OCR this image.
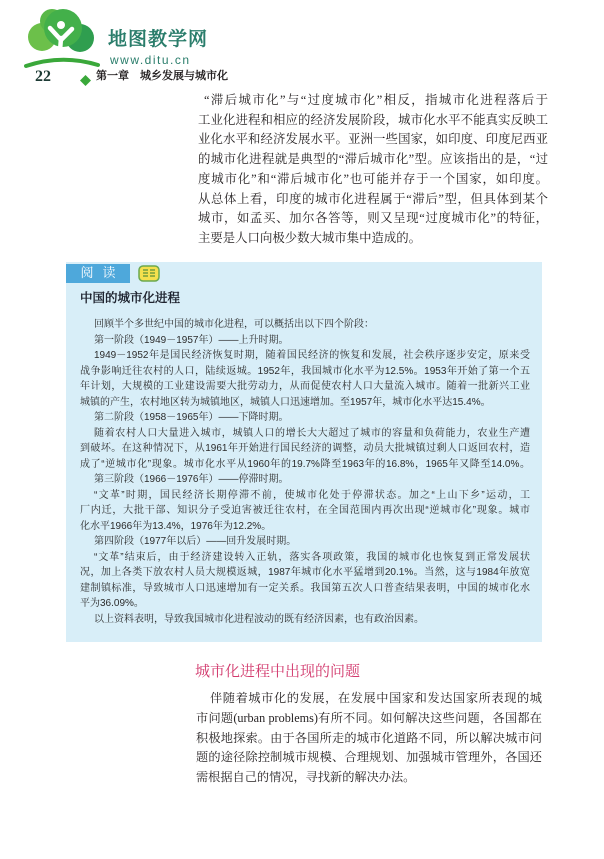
地图教学网
www.ditu.cn
22	第一章　城乡发展与城市化
“滞后城市化”与“过度城市化”相反，指城市化进程落后于
工业化进程和相应的经济发展阶段，城市化水平不能真实反映工
业化水平和经济发展水平。亚洲一些国家，如印度、印度尼西亚
的城市化进程就是典型的“滞后城市化”型。应该指出的是，“过
度城市化”和“滞后城市化”也可能并存于一个国家，如印度。
从总体上看，印度的城市化进程属于“滞后”型，但具体到某个
城市，如孟买、加尔各答等，则又呈现“过度城市化”的特征，
主要是人口向极少数大城市集中造成的。
阅读
中国的城市化进程
回顾半个多世纪中国的城市化进程，可以概括出以下四个阶段：
第一阶段（1949－1957年）——上升时期。
1949－1952年是国民经济恢复时期，随着国民经济的恢复和发展，社会秩序逐步安定，原来受
战争影响迁往农村的人口，陆续返城。1952年，我国城市化水平为12.5%。1953年开始了第一个五
年计划，大规模的工业建设需要大批劳动力，从而促使农村人口大量流入城市。随着一批新兴工业
城镇的产生，农村地区转为城镇地区，城镇人口迅速增加。至1957年，城市化水平达15.4%。
第二阶段（1958－1965年）——下降时期。
随着农村人口大量进入城市，城镇人口的增长大大超过了城市的容量和负荷能力，农业生产遭
到破坏。在这种情况下，从1961年开始进行国民经济的调整，动员大批城镇过剩人口返回农村，造
成了“逆城市化”现象。城市化水平从1960年的19.7%降至1963年的16.8%，1965年又降至14.0%。
第三阶段（1966－1976年）——停滞时期。
“文革”时期，国民经济长期停滞不前，使城市化处于停滞状态。加之“上山下乡”运动，工
厂内迁，大批干部、知识分子受迫害被迁往农村，在全国范围内再次出现“逆城市化”现象。城市
化水平1966年为13.4%，1976年为12.2%。
第四阶段（1977年以后）——回升发展时期。
“文革”结束后，由于经济建设转入正轨，落实各项政策，我国的城市化也恢复到正常发展状
况，加上各类下放农村人员大规模返城，1987年城市化水平猛增到20.1%。当然，这与1984年放宽
建制镇标准，导致城市人口迅速增加有一定关系。我国第五次人口普查结果表明，中国的城市化水
平为36.09%。
以上资料表明，导致我国城市化进程波动的既有经济因素，也有政治因素。
城市化进程中出现的问题
伴随着城市化的发展，在发展中国家和发达国家所表现的城
市问题(urban problems)有所不同。如何解决这些问题，各国都在
积极地探索。由于各国所走的城市化道路不同，所以解决城市问
题的途径除控制城市规模、合理规划、加强城市管理外，各国还
需根据自己的情况，寻找新的解决办法。
